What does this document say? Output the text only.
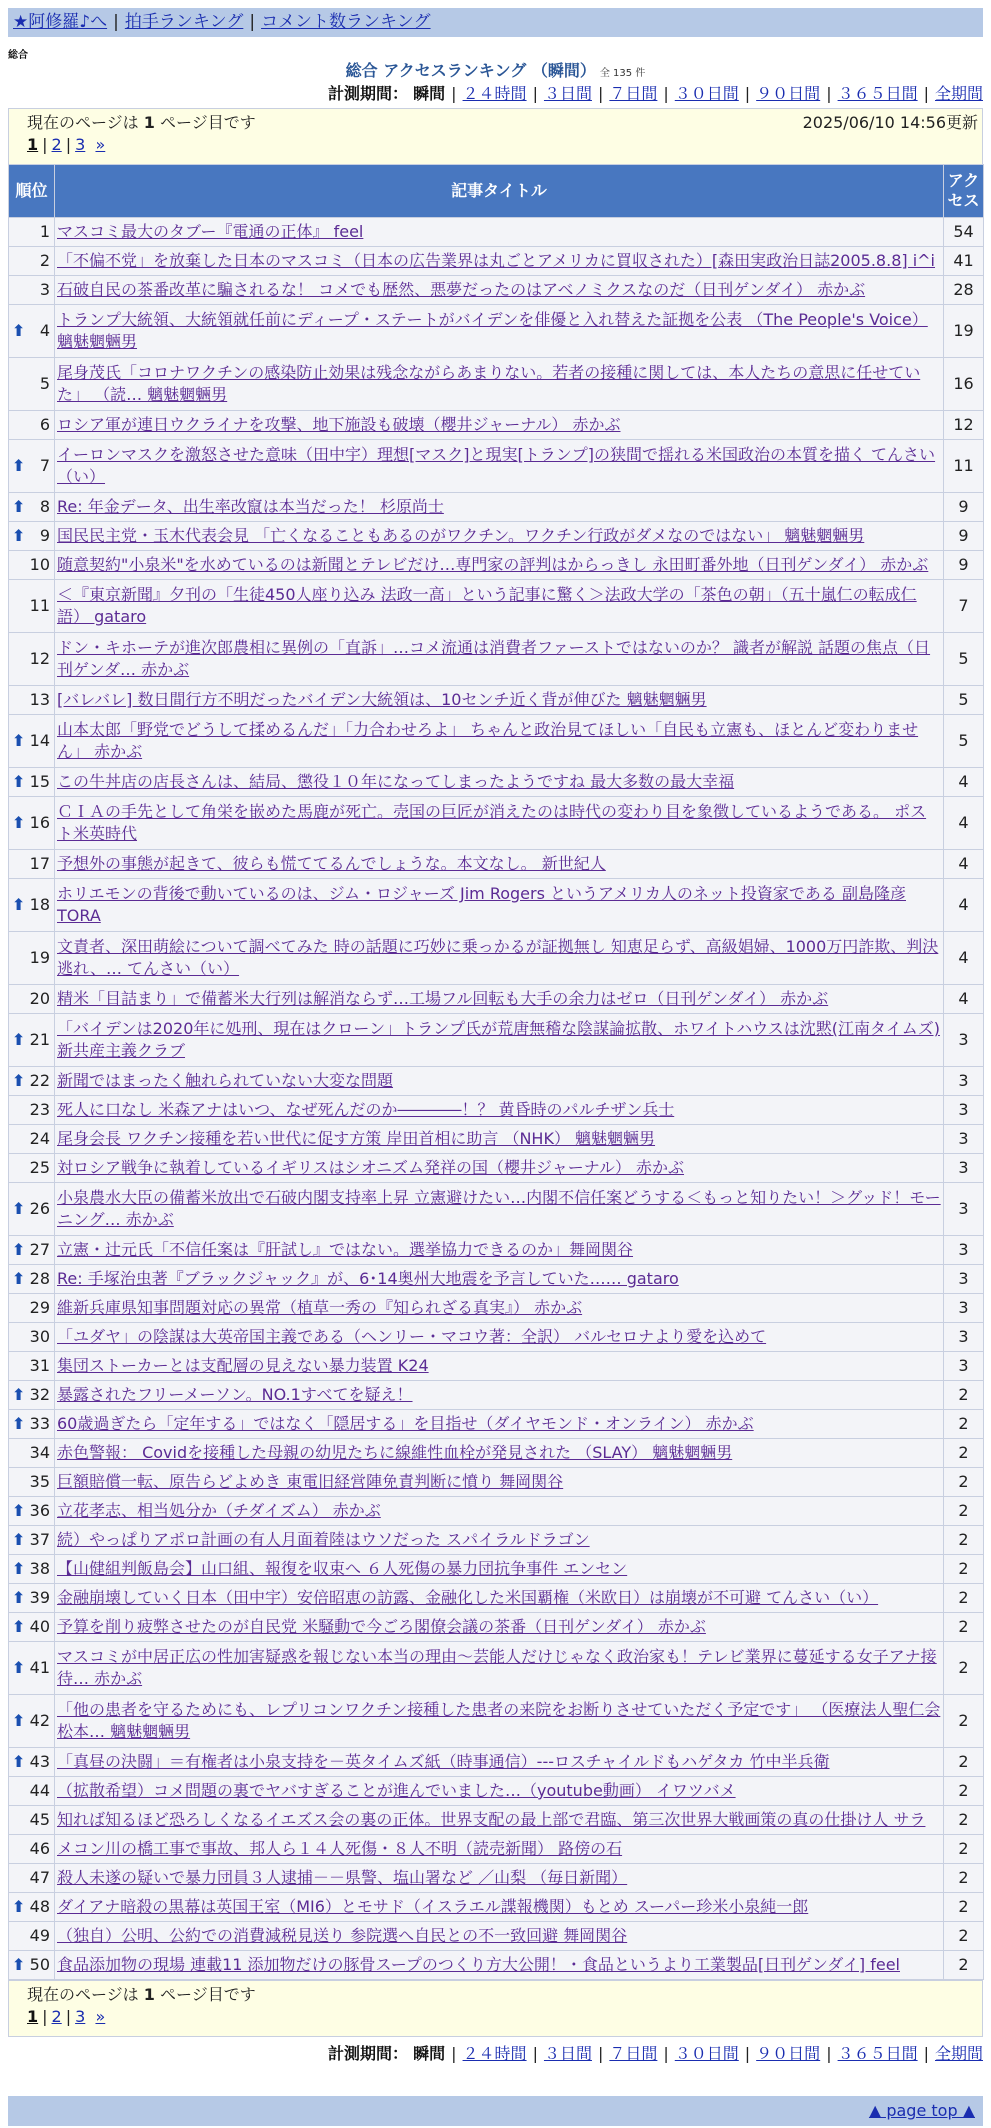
★阿修羅♪へ | 拍手ランキング | コメント数ランキング
総合
総合 アクセスランキング （瞬間） 全 135 件
計測期間： 瞬間 | ２４時間 | ３日間 | ７日間 | ３０日間 | ９０日間 | ３６５日間 | 全期間
現在のページは 1 ページ目です	2025/06/10 14:56更新
1 | 2 | 3 »
順位	記事タイトル	アクセス
1	マスコミ最大のタブー『電通の正体』 feel	54
2	「不偏不党」を放棄した日本のマスコミ（日本の広告業界は丸ごとアメリカに買収された）[森田実政治日誌2005.8.8] i^i	41
3	石破自民の茶番改革に騙されるな！ コメでも歴然、悪夢だったのはアベノミクスなのだ（日刊ゲンダイ） 赤かぶ	28

⬆ 4	トランプ大統領、大統領就任前にディープ・ステートがバイデンを俳優と入れ替えた証拠を公表 （The People's Voice） 魑魅魍魎男	19
5	尾身茂氏「コロナワクチンの感染防止効果は残念ながらあまりない。若者の接種に関しては、本人たちの意思に任せていた」 （読… 魑魅魍魎男	16
6	ロシア軍が連日ウクライナを攻撃、地下施設も破壊（櫻井ジャーナル） 赤かぶ	12

⬆ 7	イーロンマスクを激怒させた意味（田中宇）理想[マスク]と現実[トランプ]の狭間で揺れる米国政治の本質を描く てんさい（い）	11

⬆ 8	Re: 年金データ、出生率改竄は本当だった！ 杉原尚士	9

⬆ 9	国民民主党・玉木代表会見 「亡くなることもあるのがワクチン。ワクチン行政がダメなのではない」 魑魅魍魎男	9
10	随意契約"小泉米"を水めているのは新聞とテレビだけ…専門家の評判はからっきし 永田町番外地（日刊ゲンダイ） 赤かぶ	9
11	＜『東京新聞』夕刊の「生徒450人座り込み 法政一高」という記事に驚く＞法政大学の「茶色の朝」（五十嵐仁の転成仁語） gataro	7
12	ドン・キホーテが進次郎農相に異例の「直訴」…コメ流通は消費者ファーストではないのか？ 識者が解説 話題の焦点（日刊ゲンダ… 赤かぶ	5
13	[バレバレ] 数日間行方不明だったバイデン大統領は、10センチ近く背が伸びた 魑魅魍魎男	5

⬆ 14	山本太郎「野党でどうして揉めるんだ」「力合わせろよ」 ちゃんと政治見てほしい「自民も立憲も、ほとんど変わりません」 赤かぶ	5

⬆ 15	この牛丼店の店長さんは、結局、懲役１０年になってしまったようですね 最大多数の最大幸福	4

⬆ 16	ＣＩＡの手先として角栄を嵌めた馬鹿が死亡。売国の巨匠が消えたのは時代の変わり目を象徴しているようである。 ポスト米英時代	4
17	予想外の事態が起きて、彼らも慌ててるんでしょうな。本文なし。 新世紀人	4

⬆ 18	ホリエモンの背後で動いているのは、ジム・ロジャーズ Jim Rogers というアメリカ人のネット投資家である 副島隆彦 TORA	4
19	文責者、深田萌絵について調べてみた 時の話題に巧妙に乗っかるが証拠無し 知恵足らず、高級娼婦、1000万円詐欺、判決逃れ、… てんさい（い）	4
20	精米「目詰まり」で備蓄米大行列は解消ならず…工場フル回転も大手の余力はゼロ（日刊ゲンダイ） 赤かぶ	4

⬆ 21	「バイデンは2020年に処刑、現在はクローン」トランプ氏が荒唐無稽な陰謀論拡散、ホワイトハウスは沈黙(江南タイムズ) 新共産主義クラブ	3

⬆ 22	新聞ではまったく触れられていない大変な問題	3
23	死人に口なし 米森アナはいつ、なぜ死んだのか――――！？ 黄昏時のパルチザン兵士	3
24	尾身会長 ワクチン接種を若い世代に促す方策 岸田首相に助言 （NHK） 魑魅魍魎男	3
25	対ロシア戦争に執着しているイギリスはシオニズム発祥の国（櫻井ジャーナル） 赤かぶ	3

⬆ 26	小泉農水大臣の備蓄米放出で石破内閣支持率上昇 立憲避けたい…内閣不信任案どうする＜もっと知りたい！＞グッド！モーニング… 赤かぶ	3

⬆ 27	立憲・辻元氏「不信任案は『肝試し』ではない。選挙協力できるのか」舞岡関谷	3

⬆ 28	Re: 手塚治虫著『ブラックジャック』が、6･14奥州大地震を予言していた…… gataro	3
29	維新兵庫県知事問題対応の異常（植草一秀の『知られざる真実』） 赤かぶ	3
30	「ユダヤ」の陰謀は大英帝国主義である（ヘンリー・マコウ著：全訳） バルセロナより愛を込めて	3
31	集団ストーカーとは支配層の見えない暴力装置 K24	3

⬆ 32	暴露されたフリーメーソン。NO.1すべてを疑え！	2

⬆ 33	60歳過ぎたら「定年する」ではなく「隠居する」を目指せ（ダイヤモンド・オンライン） 赤かぶ	2
34	赤色警報： Covidを接種した母親の幼児たちに線維性血栓が発見された （SLAY） 魑魅魍魎男	2
35	巨額賠償一転、原告らどよめき 東電旧経営陣免責判断に憤り 舞岡関谷	2

⬆ 36	立花孝志、相当処分か（チダイズム） 赤かぶ	2

⬆ 37	続）やっぱりアポロ計画の有人月面着陸はウソだった スパイラルドラゴン	2

⬆ 38	【山健組判飯島会】山口組、報復を収束へ ６人死傷の暴力団抗争事件 エンセン	2

⬆ 39	金融崩壊していく日本（田中宇）安倍昭恵の訪露、金融化した米国覇権（米欧日）は崩壊が不可避 てんさい（い）	2

⬆ 40	予算を削り疲弊させたのが自民党 米騒動で今ごろ閣僚会議の茶番（日刊ゲンダイ） 赤かぶ	2

⬆ 41	マスコミが中居正広の性加害疑惑を報じない本当の理由～芸能人だけじゃなく政治家も！テレビ業界に蔓延する女子アナ接待… 赤かぶ	2

⬆ 42	「他の患者を守るためにも、レプリコンワクチン接種した患者の来院をお断りさせていただく予定です」 （医療法人聖仁会 松本… 魑魅魍魎男	2

⬆ 43	「真昼の決闘」＝有権者は小泉支持を－英タイムズ紙（時事通信）---ロスチャイルドもハゲタカ 竹中半兵衛	2
44	（拡散希望）コメ問題の裏でヤバすぎることが進んでいました…（youtube動画） イワツバメ	2
45	知れば知るほど恐ろしくなるイエズス会の裏の正体。世界支配の最上部で君臨、第三次世界大戦画策の真の仕掛け人 サラ	2
46	メコン川の橋工事で事故、邦人ら１４人死傷・８人不明（読売新聞） 路傍の石	2
47	殺人未遂の疑いで暴力団員３人逮捕－－県警、塩山署など ／山梨 （毎日新聞）	2

⬆ 48	ダイアナ暗殺の黒幕は英国王室（MI6）とモサド（イスラエル諜報機関）もとめ スーパー珍米小泉純一郎	2
49	（独自）公明、公約での消費減税見送り 参院選へ自民との不一致回避 舞岡関谷	2

⬆ 50	食品添加物の現場 連載11 添加物だけの豚骨スープのつくり方大公開！・食品というより工業製品[日刊ゲンダイ] feel	2
現在のページは 1 ページ目です
1 | 2 | 3 »
計測期間： 瞬間 | ２４時間 | ３日間 | ７日間 | ３０日間 | ９０日間 | ３６５日間 | 全期間
▲ page top ▲
